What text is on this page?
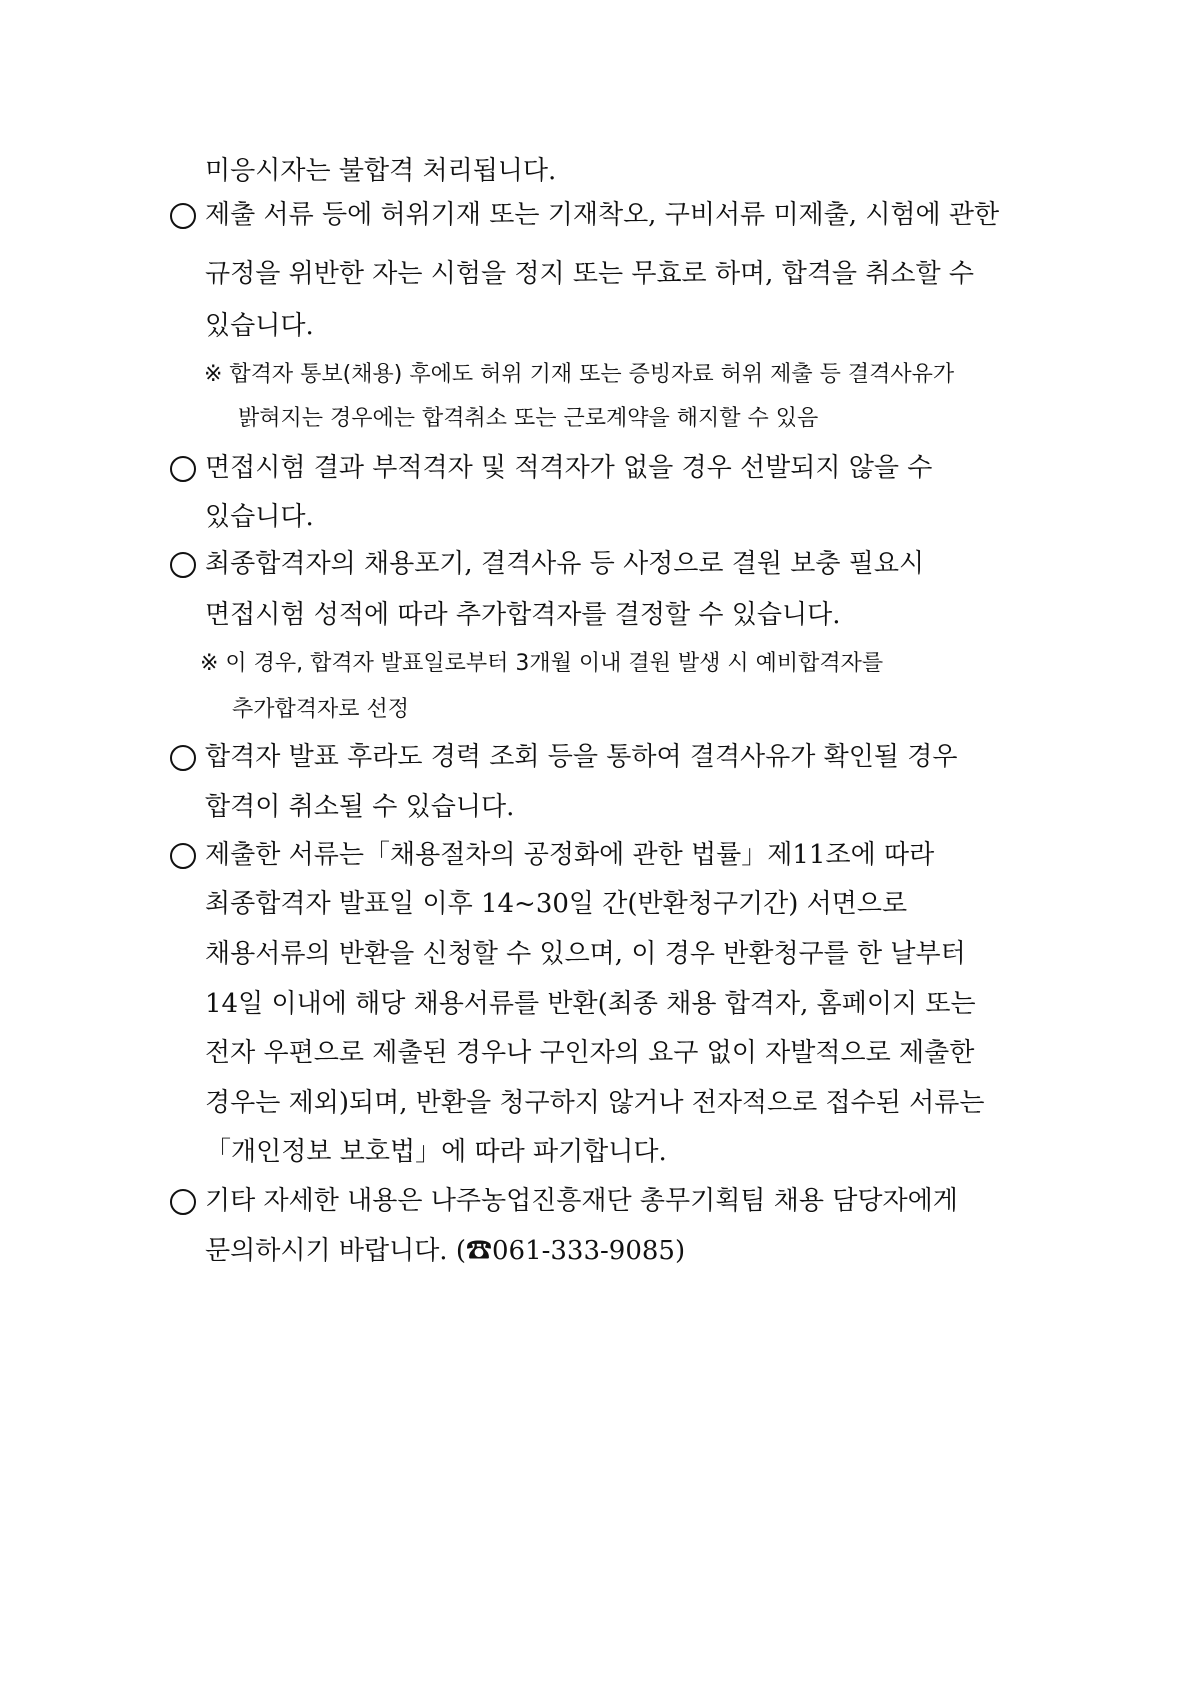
미응시자는 불합격 처리됩니다.
제출 서류 등에 허위기재 또는 기재착오, 구비서류 미제출, 시험에 관한
규정을 위반한 자는 시험을 정지 또는 무효로 하며, 합격을 취소할 수
있습니다.
※ 합격자 통보(채용) 후에도 허위 기재 또는 증빙자료 허위 제출 등 결격사유가
밝혀지는 경우에는 합격취소 또는 근로계약을 해지할 수 있음
면접시험 결과 부적격자 및 적격자가 없을 경우 선발되지 않을 수
있습니다.
최종합격자의 채용포기, 결격사유 등 사정으로 결원 보충 필요시
면접시험 성적에 따라 추가합격자를 결정할 수 있습니다.
※ 이 경우, 합격자 발표일로부터 3개월 이내 결원 발생 시 예비합격자를
추가합격자로 선정
합격자 발표 후라도 경력 조회 등을 통하여 결격사유가 확인될 경우
합격이 취소될 수 있습니다.
제출한 서류는「채용절차의 공정화에 관한 법률」제11조에 따라
최종합격자 발표일 이후 14~30일 간(반환청구기간) 서면으로
채용서류의 반환을 신청할 수 있으며, 이 경우 반환청구를 한 날부터
14일 이내에 해당 채용서류를 반환(최종 채용 합격자, 홈페이지 또는
전자 우편으로 제출된 경우나 구인자의 요구 없이 자발적으로 제출한
경우는 제외)되며, 반환을 청구하지 않거나 전자적으로 접수된 서류는
「개인정보 보호법」에 따라 파기합니다.
기타 자세한 내용은 나주농업진흥재단 총무기획팀 채용 담당자에게
문의하시기 바랍니다. (☎061-333-9085)
